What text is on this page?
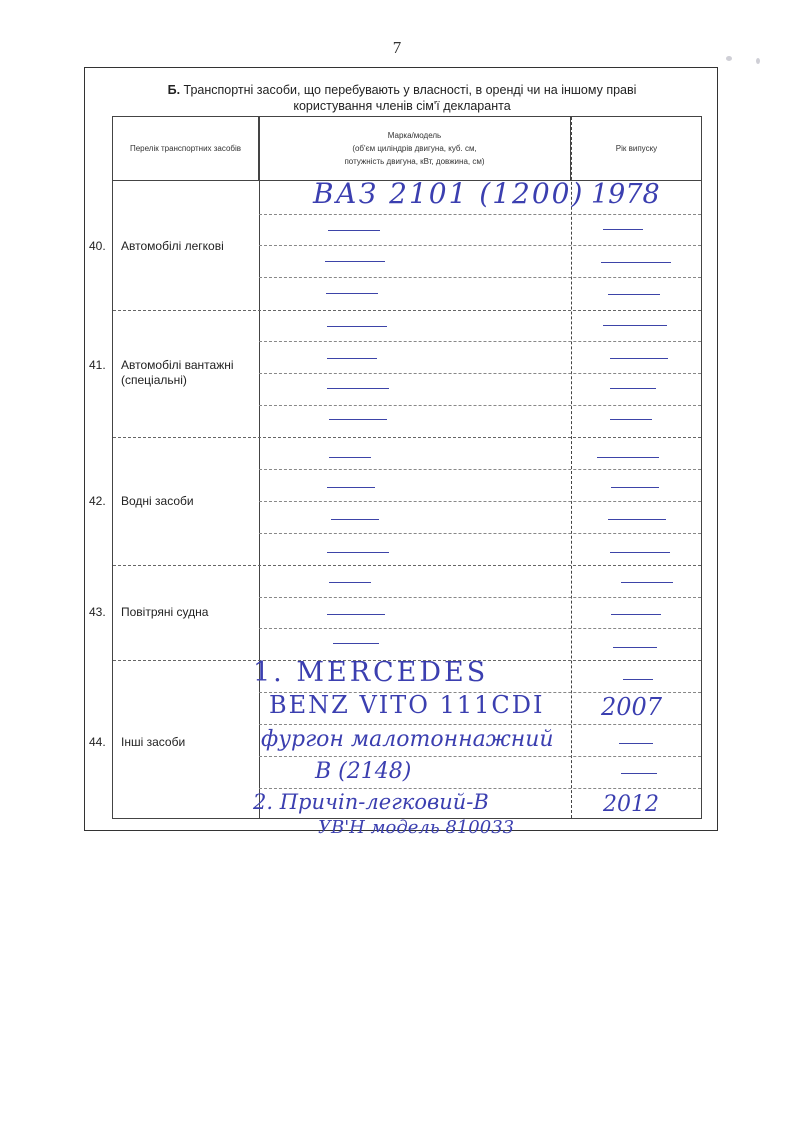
7
Б. Транспортні засоби, що перебувають у власності, в оренді чи на іншому праві
користування членів сім'ї декларанта
Перелік транспортних засобів
Марка/модель
(об'єм циліндрів двигуна, куб. см,
потужність двигуна, кВт, довжина, см)
Рік випуску
40. Автомобілі легкові
41. Автомобілі вантажні (спеціальні)
42. Водні засоби
43. Повітряні судна
44. Інші засоби
ВАЗ 2101 (1200) 1978
1. MERCEDES
BENZ VITO 111CDI 2007
фургон малотоннажний
В (2148)
2. Причіп-легковий-В	2012
УВ'Н модель 810033
